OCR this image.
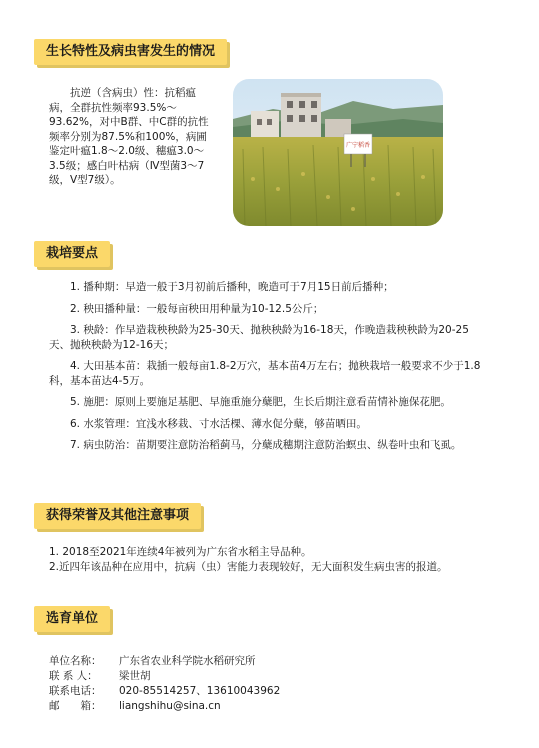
生长特性及病虫害发生的情况
抗逆（含病虫）性：抗稻瘟病，全群抗性频率93.5%～93.62%，对中B群、中C群的抗性频率分别为87.5%和100%，病圃鉴定叶瘟1.8～2.0级、穗瘟3.0～3.5级；感白叶枯病（Ⅳ型菌3～7级，Ⅴ型7级）。
广宁稻香
栽培要点
1. 播种期：早造一般于3月初前后播种，晚造可于7月15日前后播种；
2. 秧田播种量：一般每亩秧田用种量为10-12.5公斤；
3. 秧龄：作早造栽秧秧龄为25-30天、抛秧秧龄为16-18天，作晚造栽秧秧龄为20-25天、抛秧秧龄为12-16天；
4. 大田基本苗：栽插一般每亩1.8-2万穴，基本苗4万左右；抛秧栽培一般要求不少于1.8科，基本苗达4-5万。
5. 施肥：原则上要施足基肥、早施重施分蘖肥，生长后期注意看苗情补施保花肥。
6. 水浆管理：宜浅水移栽、寸水活棵、薄水促分蘖，够苗晒田。
7. 病虫防治：苗期要注意防治稻蓟马，分蘖成穗期注意防治螟虫、纵卷叶虫和飞虱。
获得荣誉及其他注意事项
1. 2018至2021年连续4年被列为广东省水稻主导品种。
2.近四年该品种在应用中，抗病（虫）害能力表现较好，无大面积发生病虫害的报道。
选育单位
单位名称： 广东省农业科学院水稻研究所
联 系 人： 梁世胡
联系电话： 020-85514257、13610043962
邮　　箱： liangshihu@sina.cn
